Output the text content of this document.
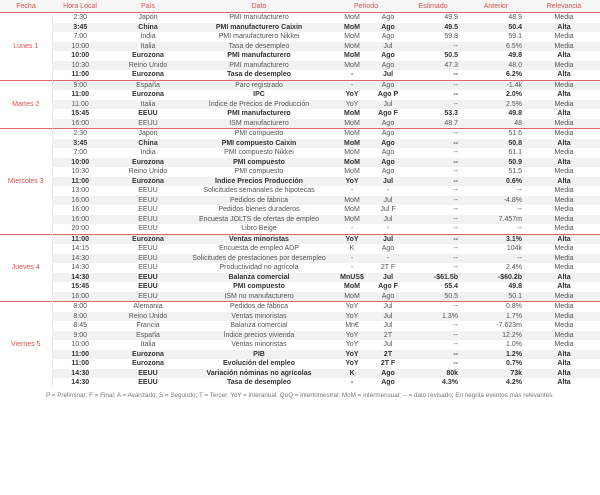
Fecha	Hora Local	País	Dato	Periodo		Estimado	Anterior	Relevancia
Lunes 1	2:30	Japón	PMI manufacturero	MoM	Ago	49.9	48.9	Media
	3:45	China	PMI manufacturero Caixin	MoM	Ago	49.5	50.4	Alta
	7:00	India	PMI manufacturero Nikkei	MoM	Ago	59.8	59.1	Media
	10:00	Italia	Tasa de desempleo	MoM	Jul	--	6.5%	Media
	10:00	Eurozona	PMI manufacturero	MoM	Ago	50.5	49.8	Alta
	10:30	Reino Unido	PMI manufacturero	MoM	Ago	47.3	48.0	Media
	11:00	Eurozona	Tasa de desempleo	-	Jul	--	6.2%	Alta
Martes 2	9:00	España	Paro registrado	-	Ago	--	-1.4k	Media
	11:00	Eurozona	IPC	YoY	Ago P	--	2.0%	Alta
	11:00	Italia	Índice de Precios de Producción	YoY	Jul	--	2.5%	Media
	15:45	EEUU	PMI manufacturero	MoM	Ago F	53.3	49.8	Alta
	16:00	EEUU	ISM manufacturero	MoM	Ago	48.7	48	Media
Miercoles 3	2:30	Japón	PMI compuesto	MoM	Ago	--	51.6	Media
	3:45	China	PMI compuesto Caixin	MoM	Ago	--	50.8	Alta
	7:00	India	PMI compuesto Nikkei	MoM	Ago	--	61.1	Media
	10:00	Eurozona	PMI compuesto	MoM	Ago	--	50.9	Alta
	10:30	Reino Unido	PMI compuesto	MoM	Ago	--	51.5	Media
	11:00	Eurozona	Índice Precios Producción	YoY	Jul	--	0.6%	Alta
	13:00	EEUU	Solicitudes semanales de hipotecas	-	-	--	--	Media
	16:00	EEUU	Pedidos de fábrica	MoM	Jul	--	-4.8%	Media
	16:00	EEUU	Pedidos bienes duraderos	MoM	Jul F	--	--	Media
	16:00	EEUU	Encuesta JOLTS de ofertas de empleo	MoM	Jul	--	7.457m	Media
	20:00	EEUU	Libro Beige	-	-	--	--	Media
Jueves 4	11:00	Eurozona	Ventas minoristas	YoY	Jul	--	3.1%	Alta
	14:15	EEUU	Encuesta de empleo ADP	K	Ago	--	104k	Media
	14:30	EEUU	Solicitudes de prestaciones por desempleo	-	-	--	--	Media
	14:30	EEUU	Productividad no agrícola	-	2T F	--	2.4%	Media
	14:30	EEUU	Balanza comercial	MnUS$	Jul	-$61.5b	-$60.2b	Alta
	15:45	EEUU	PMI compuesto	MoM	Ago F	55.4	49.8	Alta
	16:00	EEUU	ISM no manufacturero	MoM	Ago	50.5	50.1	Media
Viernes 5	8:00	Alemania	Pedidos de fábrica	YoY	Jul	--	0.8%	Media
	8:00	Reino Unido	Ventas minoristas	YoY	Jul	1.3%	1.7%	Media
	8:45	Francia	Balanza comercial	Mn€	Jul	--	-7.623m	Media
	9:00	España	Índice precios vivienda	YoY	2T	--	12.2%	Media
	10:00	Italia	Ventas minoristas	YoY	Jul	--	1.0%	Media
	11:00	Eurozona	PIB	YoY	2T	--	1.2%	Alta
	11:00	Eurozona	Evolución del empleo	YoY	2T F	--	0.7%	Alta
	14:30	EEUU	Variación nóminas no agrícolas	K	Ago	80k	73k	Alta
	14:30	EEUU	Tasa de desempleo	-	Ago	4.3%	4.2%	Alta
P = Preliminar; F = Final; A = Avanzado; S = Segundo; T = Tercer. YoY = interanual; QoQ = intertrimestral; MoM = intermensual; -- = dato revisado; En negrita eventos más relevantes.
